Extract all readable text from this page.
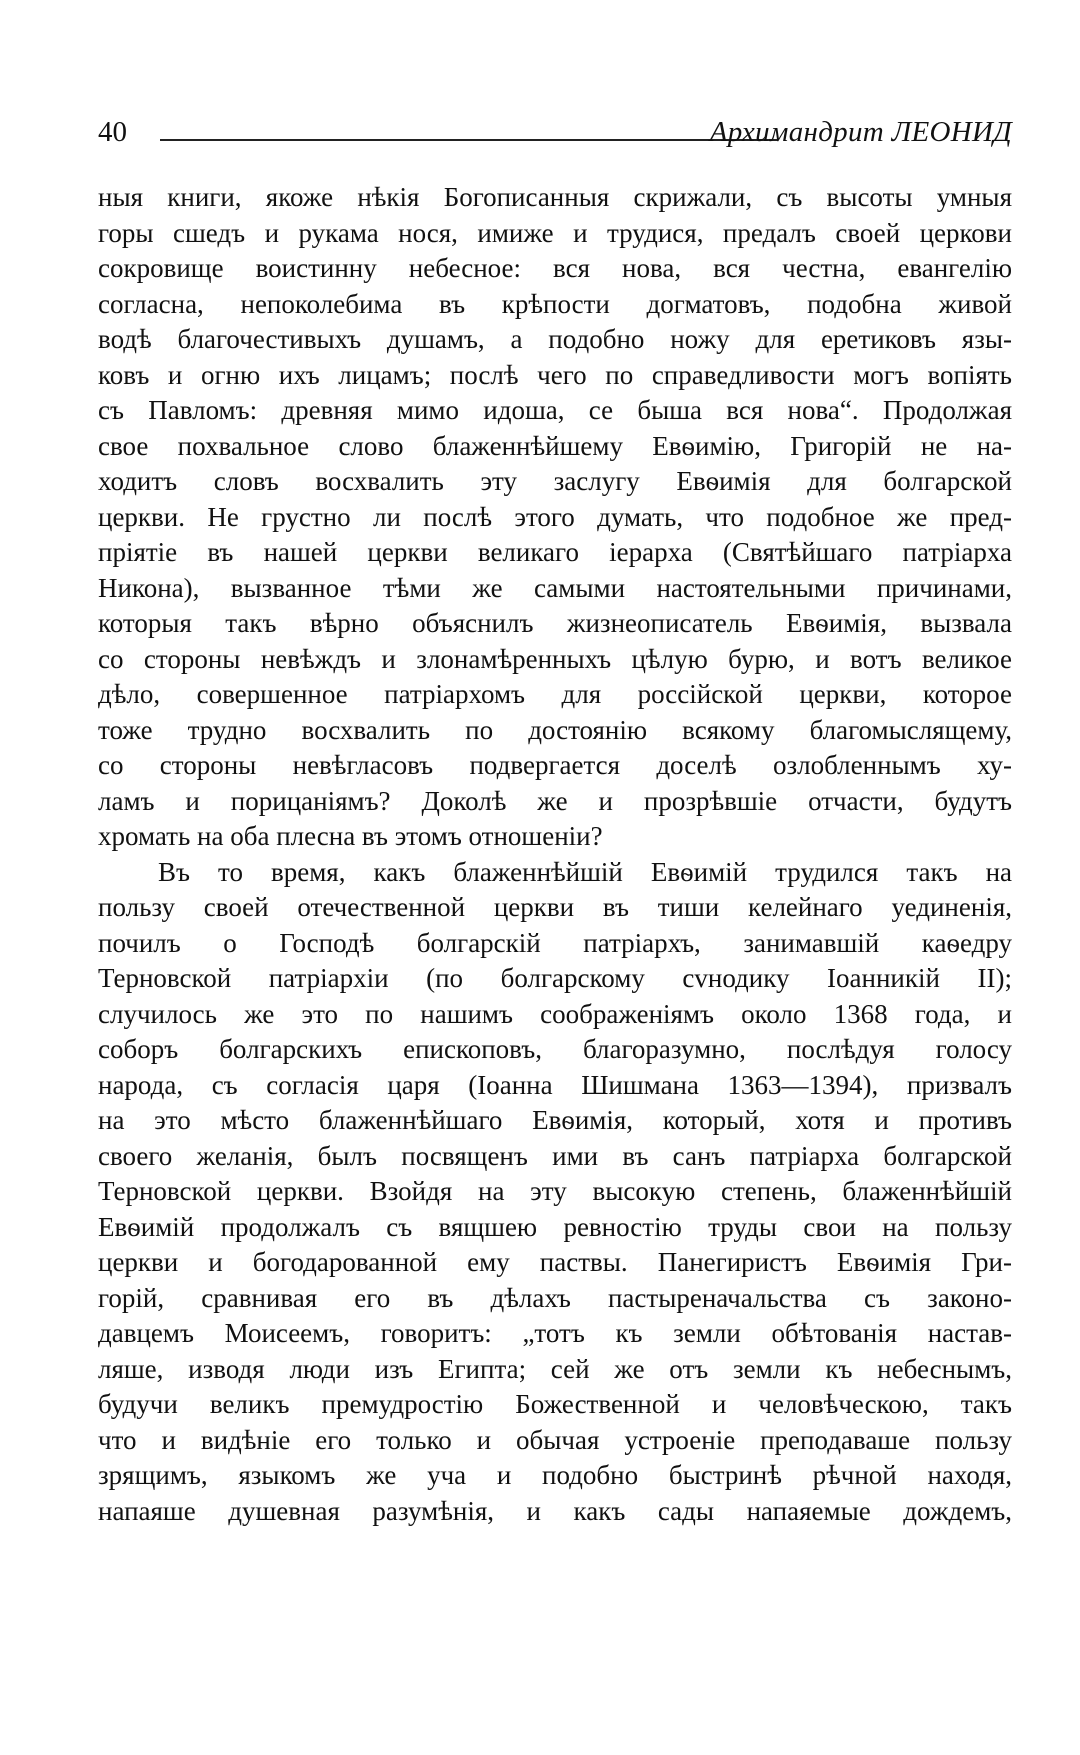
40	Архимандрит ЛЕОНИД
ныя книги, якоже нѣкія Богописанныя скрижали, съ высоты умныя
горы сшедъ и рукама нося, имиже и трудися, предалъ своей церкови
сокровище воистинну небесное: вся нова, вся честна, евангелію
согласна, непоколебима въ крѣпости догматовъ, подобна живой
водѣ благочестивыхъ душамъ, а подобно ножу для еретиковъ язы-
ковъ и огню ихъ лицамъ; послѣ чего по справедливости могъ вопіять
съ Павломъ: древняя мимо идоша, се быша вся нова“. Продолжая
свое похвальное слово блаженнѣйшему Евѳимію, Григорій не на-
ходитъ словъ восхвалить эту заслугу Евѳимія для болгарской
церкви. Не грустно ли послѣ этого думать, что подобное же пред-
пріятіе въ нашей церкви великаго іерарха (Святѣйшаго патріарха
Никона), вызванное тѣми же самыми настоятельными причинами,
которыя такъ вѣрно объяснилъ жизнеописатель Евѳимія, вызвала
со стороны невѣждъ и злонамѣренныхъ цѣлую бурю, и вотъ великое
дѣло, совершенное патріархомъ для россійской церкви, которое
тоже трудно восхвалить по достоянію всякому благомыслящему,
со стороны невѣгласовъ подвергается доселѣ озлобленнымъ ху-
ламъ и порицаніямъ? Доколѣ же и прозрѣвшіе отчасти, будутъ
хромать на оба плесна въ этомъ отношеніи?
Въ то время, какъ блаженнѣйшій Евѳимій трудился такъ на
пользу своей отечественной церкви въ тиши келейнаго уединенія,
почилъ о Господѣ болгарскій патріархъ, занимавшій каѳедру
Терновской патріархіи (по болгарскому сvнодику Іоанникій II);
случилось же это по нашимъ соображеніямъ около 1368 года, и
соборъ болгарскихъ епископовъ, благоразумно, послѣдуя голосу
народа, съ согласія царя (Іоанна Шишмана 1363—1394), призвалъ
на это мѣсто блаженнѣйшаго Евѳимія, который, хотя и противъ
своего желанія, былъ посвященъ ими въ санъ патріарха болгарской
Терновской церкви. Взойдя на эту высокую степень, блаженнѣйшій
Евѳимій продолжалъ съ вящшею ревностію труды свои на пользу
церкви и богодарованной ему паствы. Панегиристъ Евѳимія Гри-
горій, сравнивая его въ дѣлахъ пастыреначальства съ законо-
давцемъ Моисеемъ, говоритъ: „тотъ къ земли обѣтованія настав-
ляше, изводя люди изъ Египта; сей же отъ земли къ небеснымъ,
будучи великъ премудростію Божественной и человѣческою, такъ
что и видѣніе его только и обычая устроеніе преподаваше пользу
зрящимъ, языкомъ же уча и подобно быстринѣ рѣчной находя,
напаяше душевная разумѣнія, и какъ сады напаяемые дождемъ,
